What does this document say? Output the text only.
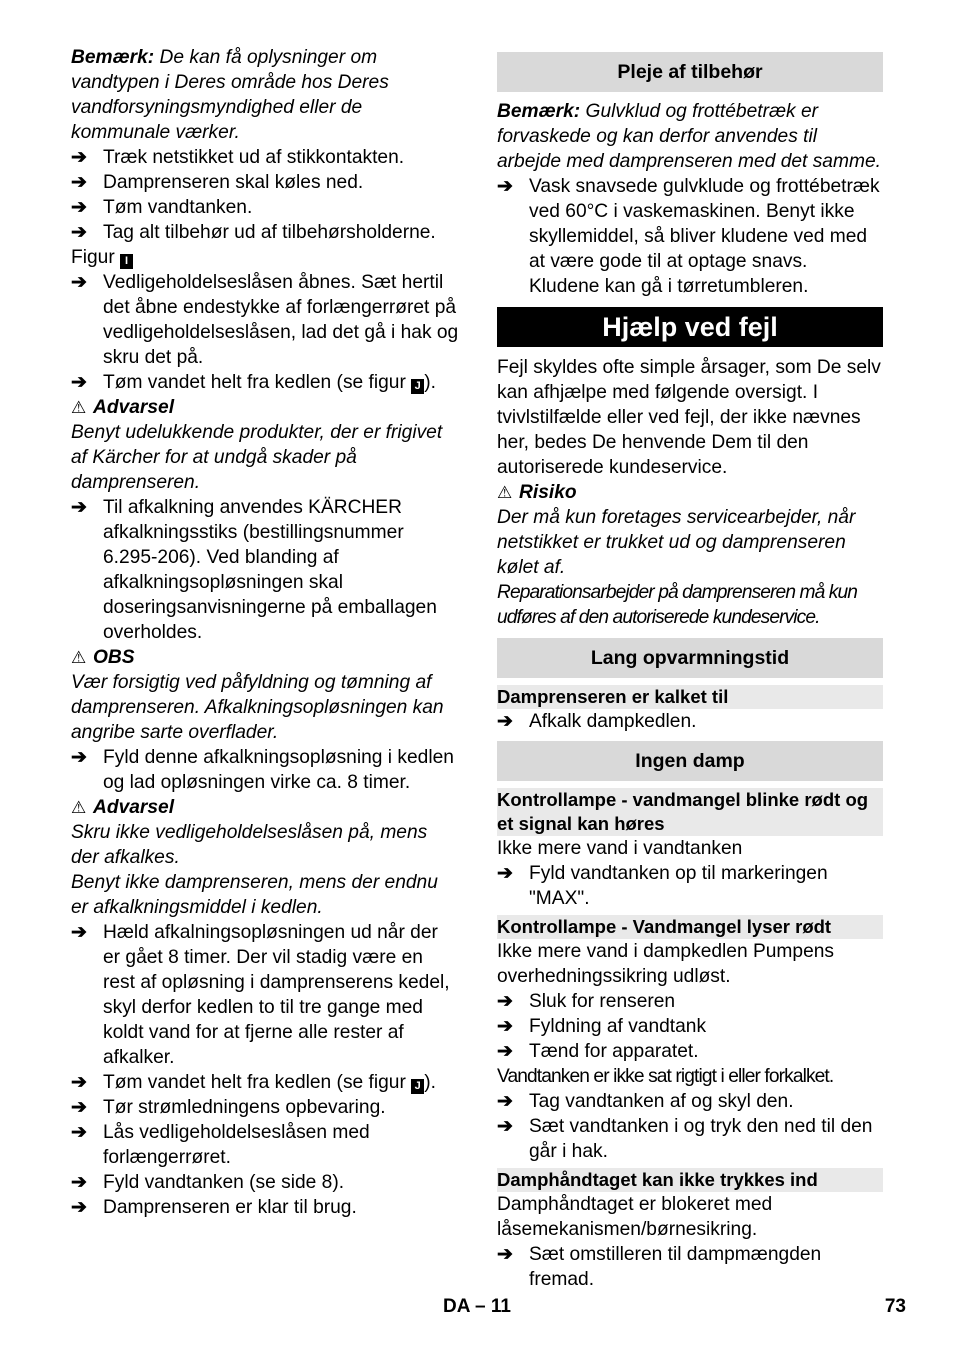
Bemærk: De kan få oplysninger om vandtypen i Deres område hos Deres vandforsyningsmyndighed eller de kommunale værker.

➔ Træk netstikket ud af stikkontakten.
➔ Damprenseren skal køles ned.
➔ Tøm vandtanken.
➔ Tag alt tilbehør ud af tilbehørsholderne.

Figur I

➔ Vedligeholdelseslåsen åbnes. Sæt hertil det åbne endestykke af forlængerrøret på vedligeholdelseslåsen, lad det gå i hak og skru det på.
➔ Tøm vandet helt fra kedlen (se figur J ).
⚠ Advarsel

Benyt udelukkende produkter, der er frigivet af Kärcher for at undgå skader på damprenseren.

➔ Til afkalkning anvendes KÄRCHER afkalkningsstiks (bestillingsnummer 6.295-206). Ved blanding af afkalkningsopløsningen skal doseringsanvisningerne på emballagen overholdes.
⚠ OBS

Vær forsigtig ved påfyldning og tømning af damprenseren. Afkalkningsopløsningen kan angribe sarte overflader.

➔ Fyld denne afkalkningsopløsning i kedlen og lad opløsningen virke ca. 8 timer.
⚠ Advarsel

Skru ikke vedligeholdelseslåsen på, mens der afkalkes.

Benyt ikke damprenseren, mens der endnu er afkalkningsmiddel i kedlen.

➔ Hæld afkalningsopløsningen ud når der er gået 8 timer. Der vil stadig være en rest af opløsning i damprenserens kedel, skyl derfor kedlen to til tre gange med koldt vand for at fjerne alle rester af afkalker.
➔ Tøm vandet helt fra kedlen (se figur J ).
➔ Tør strømledningens opbevaring.
➔ Lås vedligeholdelseslåsen med forlængerrøret.
➔ Fyld vandtanken (se side 8).
➔ Damprenseren er klar til brug.
Pleje af tilbehør

Bemærk: Gulvklud og frottébetræk er forvaskede og kan derfor anvendes til arbejde med damprenseren med det samme.

➔ Vask snavsede gulvklude og frottébetræk ved 60°C i vaskemaskinen. Benyt ikke skyllemiddel, så bliver kludene ved med at være gode til at optage snavs. Kludene kan gå i tørretumbleren.
Hjælp ved fejl

Fejl skyldes ofte simple årsager, som De selv kan afhjælpe med følgende oversigt. I tvivlstilfælde eller ved fejl, der ikke nævnes her, bedes De henvende Dem til den autoriserede kundeservice.

⚠ Risiko

Der må kun foretages servicearbejder, når netstikket er trukket ud og damprenseren kølet af.

Reparationsarbejder på damprenseren må kun udføres af den autoriserede kundeservice.

Lang opvarmningstid
Damprenseren er kalket til
➔ Afkalk dampkedlen.
Ingen damp
Kontrollampe - vandmangel blinke rødt og et signal kan høres

Ikke mere vand i vandtanken

➔ Fyld vandtanken op til markeringen "MAX".
Kontrollampe - Vandmangel lyser rødt

Ikke mere vand i dampkedlen Pumpens overhedningssikring udløst.

➔ Sluk for renseren
➔ Fyldning af vandtank
➔ Tænd for apparatet.

Vandtanken er ikke sat rigtigt i eller forkalket.

➔ Tag vandtanken af og skyl den.
➔ Sæt vandtanken i og tryk den ned til den går i hak.
Damphåndtaget kan ikke trykkes ind

Damphåndtaget er blokeret med låsemekanismen/børnesikring.

➔ Sæt omstilleren til dampmængden fremad.
DA – 11	73
